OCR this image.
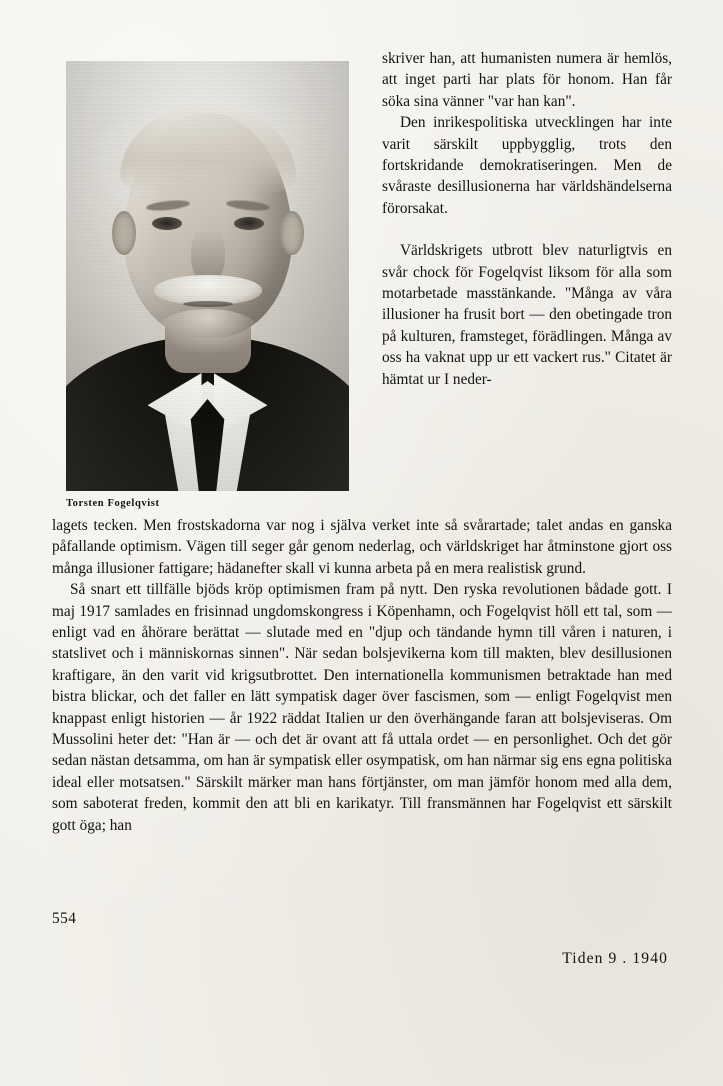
Torsten Fogelqvist

skriver han, att humanisten numera är hemlös, att inget parti har plats för honom. Han får söka sina vänner "var han kan".

Den inrikespolitiska utvecklingen har inte varit särskilt uppbygglig, trots den fortskridande demokratiseringen. Men de svåraste desillusionerna har världshändelserna förorsakat.

Världskrigets utbrott blev naturligtvis en svår chock för Fogelqvist liksom för alla som motarbetade masstänkande. "Många av våra illusioner ha frusit bort — den obetingade tron på kulturen, framsteget, förädlingen. Många av oss ha vaknat upp ur ett vackert rus." Citatet är hämtat ur I neder-

lagets tecken. Men frostskadorna var nog i själva verket inte så svårartade; talet andas en ganska påfallande optimism. Vägen till seger går genom nederlag, och världskriget har åtminstone gjort oss många illusioner fattigare; hädanefter skall vi kunna arbeta på en mera realistisk grund.

Så snart ett tillfälle bjöds kröp optimismen fram på nytt. Den ryska revolutionen bådade gott. I maj 1917 samlades en frisinnad ungdomskongress i Köpenhamn, och Fogelqvist höll ett tal, som — enligt vad en åhörare berättat — slutade med en "djup och tändande hymn till våren i naturen, i statslivet och i människornas sinnen". När sedan bolsjevikerna kom till makten, blev desillusionen kraftigare, än den varit vid krigsutbrottet. Den internationella kommunismen betraktade han med bistra blickar, och det faller en lätt sympatisk dager över fascismen, som — enligt Fogelqvist men knappast enligt historien — år 1922 räddat Italien ur den överhängande faran att bolsjeviseras. Om Mussolini heter det: "Han är — och det är ovant att få uttala ordet — en personlighet. Och det gör sedan nästan detsamma, om han är sympatisk eller osympatisk, om han närmar sig ens egna politiska ideal eller motsatsen." Särskilt märker man hans förtjänster, om man jämför honom med alla dem, som saboterat freden, kommit den att bli en karikatyr. Till fransmännen har Fogelqvist ett särskilt gott öga; han

554
Tiden 9 . 1940
